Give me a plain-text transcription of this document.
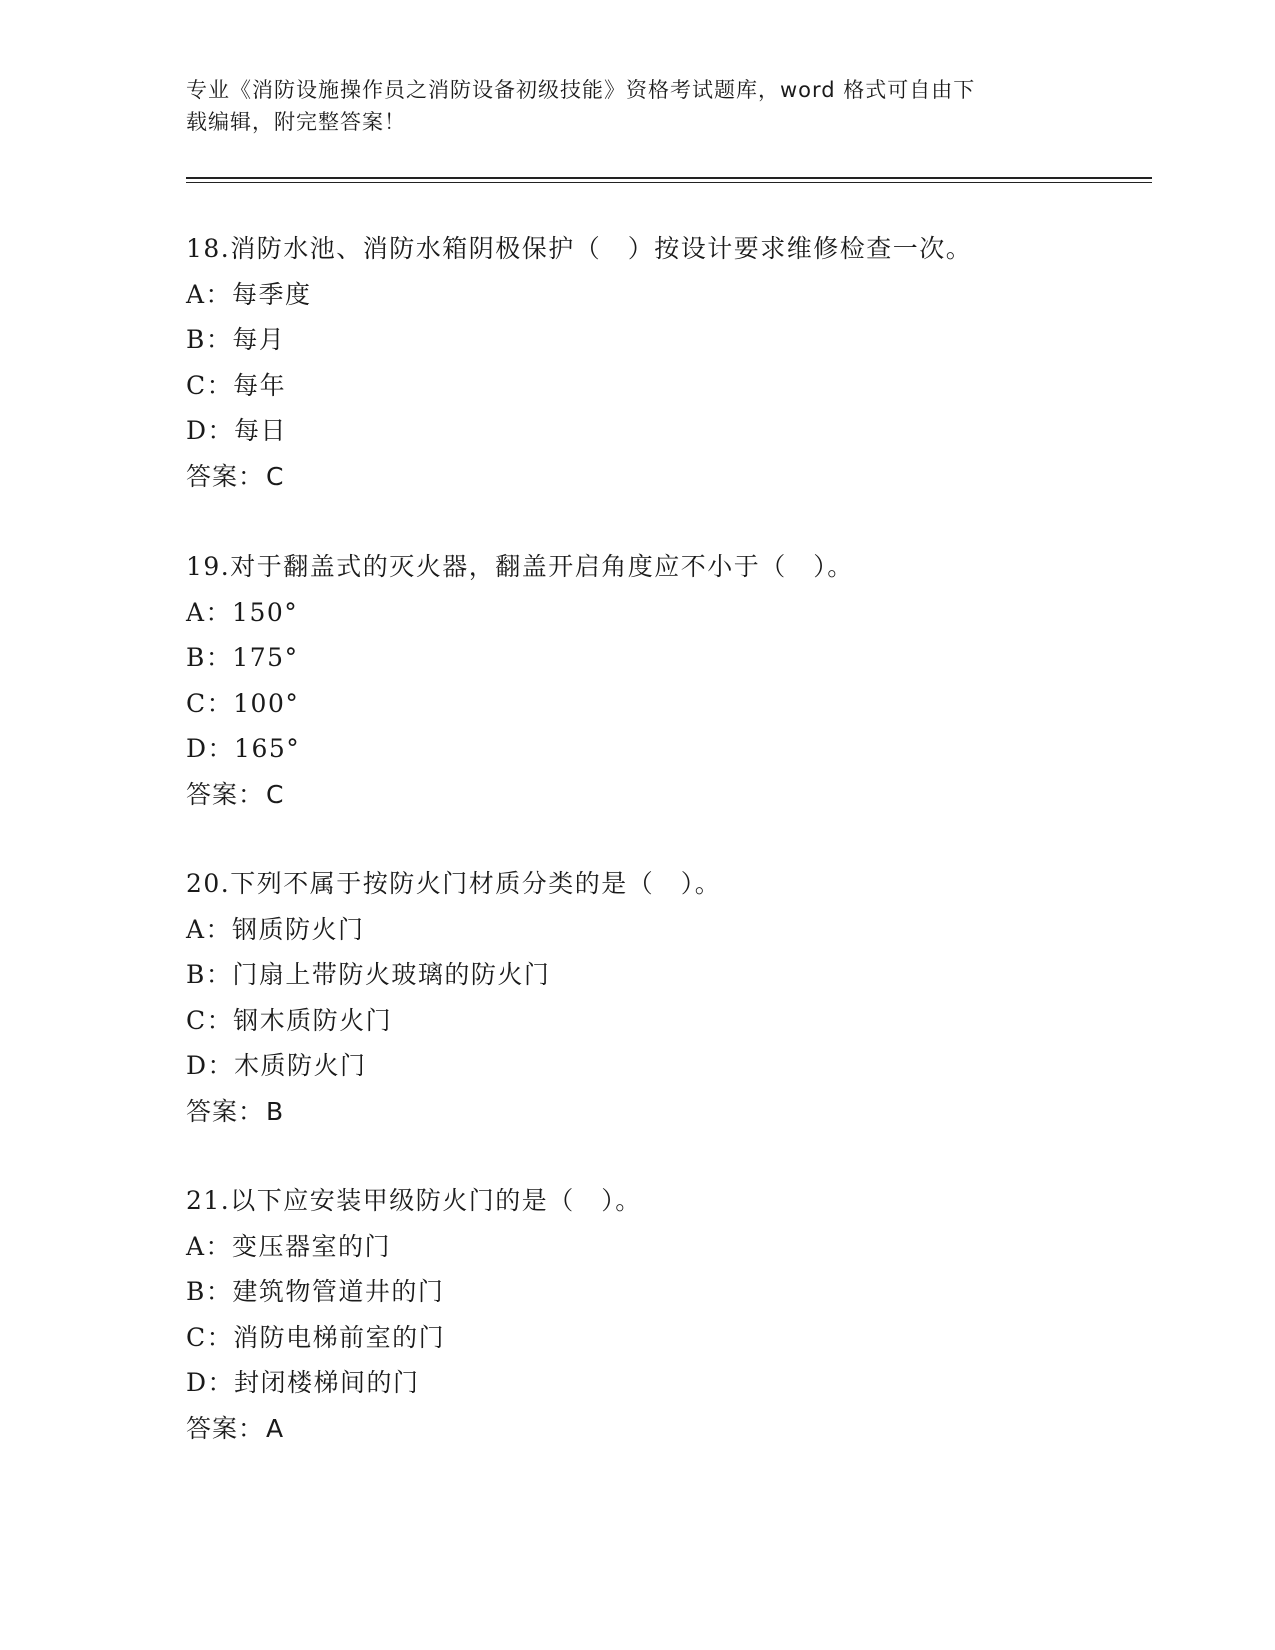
专业《消防设施操作员之消防设备初级技能》资格考试题库，word 格式可自由下
载编辑，附完整答案！
18.消防水池、消防水箱阴极保护（　）按设计要求维修检查一次。
A：每季度
B：每月
C：每年
D：每日
答案：C
19.对于翻盖式的灭火器，翻盖开启角度应不小于（　）。
A：150°
B：175°
C：100°
D：165°
答案：C
20.下列不属于按防火门材质分类的是（　）。
A：钢质防火门
B：门扇上带防火玻璃的防火门
C：钢木质防火门
D：木质防火门
答案：B
21.以下应安装甲级防火门的是（　）。
A：变压器室的门
B：建筑物管道井的门
C：消防电梯前室的门
D：封闭楼梯间的门
答案：A
